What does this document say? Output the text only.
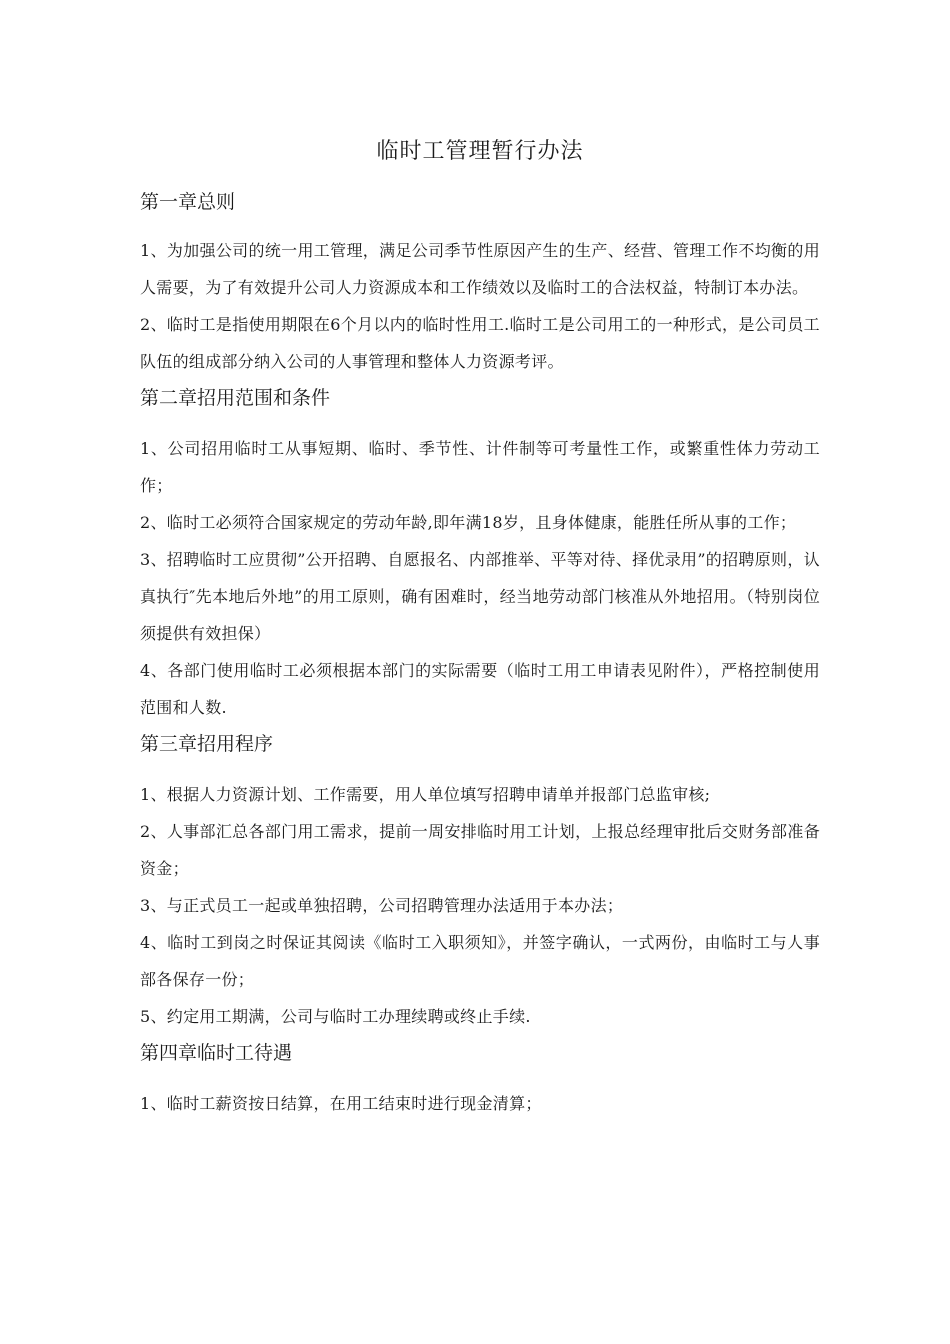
临时工管理暂行办法
第一章总则

1、为加强公司的统一用工管理，满足公司季节性原因产生的生产、经营、管理工作不均衡的用人需要，为了有效提升公司人力资源成本和工作绩效以及临时工的合法权益，特制订本办法。

2、临时工是指使用期限在6个月以内的临时性用工.临时工是公司用工的一种形式，是公司员工队伍的组成部分纳入公司的人事管理和整体人力资源考评。

第二章招用范围和条件

1、公司招用临时工从事短期、临时、季节性、计件制等可考量性工作，或繁重性体力劳动工作；

2、临时工必须符合国家规定的劳动年龄,即年满18岁，且身体健康，能胜任所从事的工作；

3、招聘临时工应贯彻”公开招聘、自愿报名、内部推举、平等对待、择优录用”的招聘原则，认真执行″先本地后外地”的用工原则，确有困难时，经当地劳动部门核准从外地招用。（特别岗位须提供有效担保）

4、各部门使用临时工必须根据本部门的实际需要（临时工用工申请表见附件），严格控制使用范围和人数.

第三章招用程序

1、根据人力资源计划、工作需要，用人单位填写招聘申请单并报部门总监审核;

2、人事部汇总各部门用工需求，提前一周安排临时用工计划，上报总经理审批后交财务部准备资金；

3、与正式员工一起或单独招聘，公司招聘管理办法适用于本办法；

4、临时工到岗之时保证其阅读《临时工入职须知》，并签字确认，一式两份，由临时工与人事部各保存一份；

5、约定用工期满，公司与临时工办理续聘或终止手续.

第四章临时工待遇

1、临时工薪资按日结算，在用工结束时进行现金清算；
